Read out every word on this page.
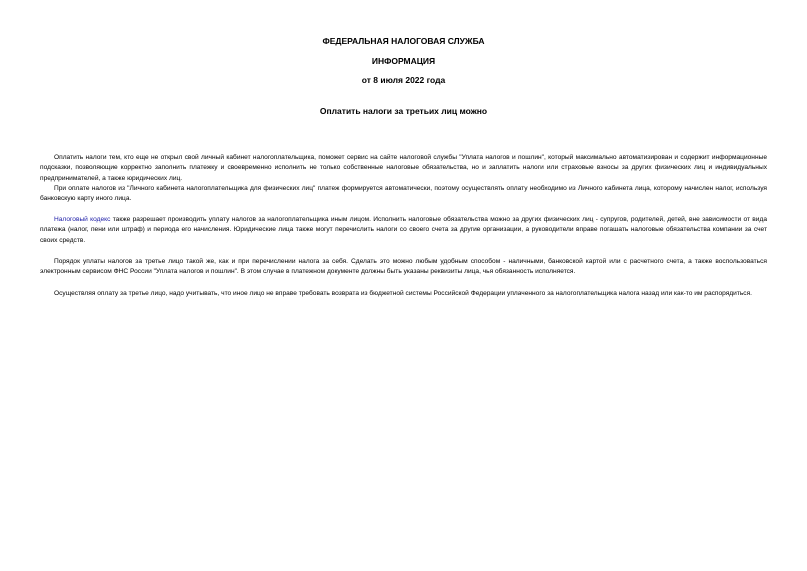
ФЕДЕРАЛЬНАЯ НАЛОГОВАЯ СЛУЖБА
ИНФОРМАЦИЯ
от 8 июля 2022 года
Оплатить налоги за третьих лиц можно

Оплатить налоги тем, кто еще не открыл свой личный кабинет налогоплательщика, поможет сервис на сайте налоговой службы "Уплата налогов и пошлин", который максимально автоматизирован и содержит информационные подсказки, позволяющие корректно заполнить платежку и своевременно исполнить не только собственные налоговые обязательства, но и заплатить налоги или страховые взносы за других физических лиц и индивидуальных предпринимателей, а также юридических лиц.

При оплате налогов из "Личного кабинета налогоплательщика для физических лиц" платеж формируется автоматически, поэтому осуществлять оплату необходимо из Личного кабинета лица, которому начислен налог, используя банковскую карту иного лица.

Налоговый кодекс также разрешает производить уплату налогов за налогоплательщика иным лицом. Исполнить налоговые обязательства можно за других физических лиц - супругов, родителей, детей, вне зависимости от вида платежа (налог, пени или штраф) и периода его начисления. Юридические лица также могут перечислить налоги со своего счета за другие организации, а руководители вправе погашать налоговые обязательства компании за счет своих средств.

Порядок уплаты налогов за третье лицо такой же, как и при перечислении налога за себя. Сделать это можно любым удобным способом - наличными, банковской картой или с расчетного счета, а также воспользоваться электронным сервисом ФНС России "Уплата налогов и пошлин". В этом случае в платежном документе должны быть указаны реквизиты лица, чья обязанность исполняется.

Осуществляя оплату за третье лицо, надо учитывать, что иное лицо не вправе требовать возврата из бюджетной системы Российской Федерации уплаченного за налогоплательщика налога назад или как-то им распорядиться.
